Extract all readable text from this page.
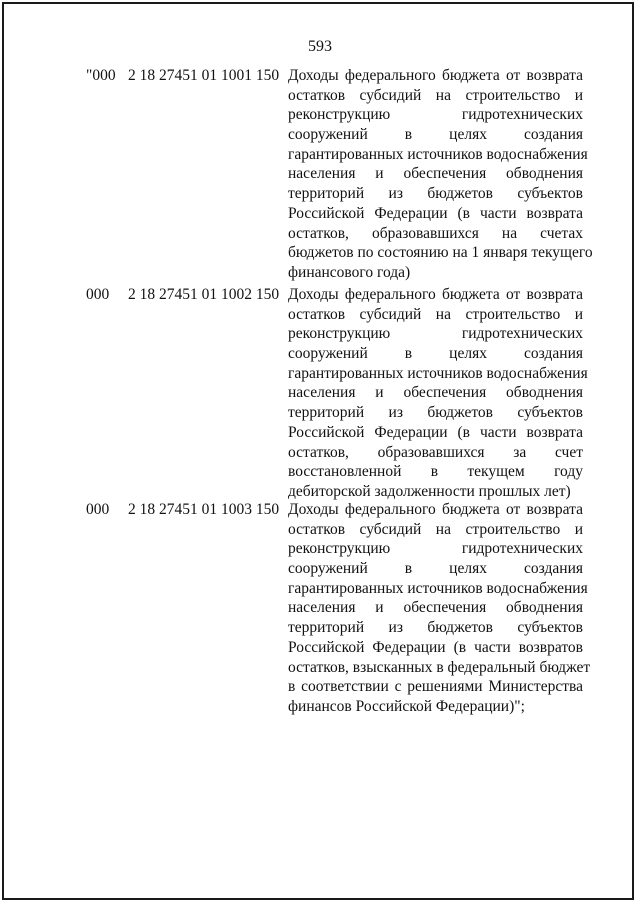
593
"000 2 18 27451 01 1001 150 Доходы федерального бюджета от возврата
остатков субсидий на строительство и
реконструкцию гидротехнических
сооружений в целях создания
гарантированных источников водоснабжения
населения и обеспечения обводнения
территорий из бюджетов субъектов
Российской Федерации (в части возврата
остатков, образовавшихся на счетах
бюджетов по состоянию на 1 января текущего
финансового года)
000 2 18 27451 01 1002 150 Доходы федерального бюджета от возврата
остатков субсидий на строительство и
реконструкцию гидротехнических
сооружений в целях создания
гарантированных источников водоснабжения
населения и обеспечения обводнения
территорий из бюджетов субъектов
Российской Федерации (в части возврата
остатков, образовавшихся за счет
восстановленной в текущем году
дебиторской задолженности прошлых лет)
000 2 18 27451 01 1003 150 Доходы федерального бюджета от возврата
остатков субсидий на строительство и
реконструкцию гидротехнических
сооружений в целях создания
гарантированных источников водоснабжения
населения и обеспечения обводнения
территорий из бюджетов субъектов
Российской Федерации (в части возвратов
остатков, взысканных в федеральный бюджет
в соответствии с решениями Министерства
финансов Российской Федерации)";
